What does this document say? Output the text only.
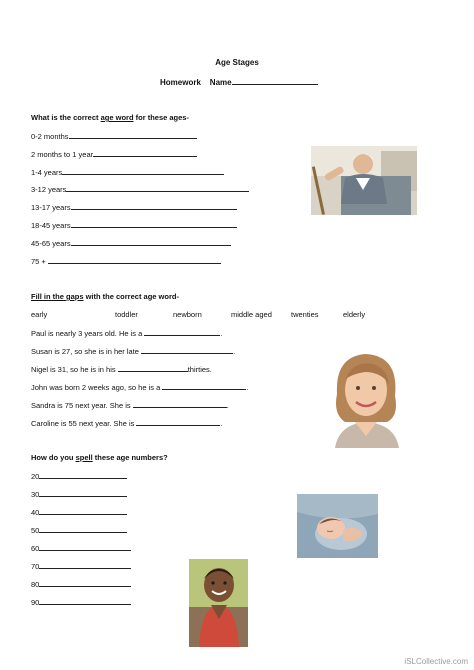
Age Stages
Homework Name
What is the correct age word for these ages-
0-2 months
2 months to 1 year
1-4 years
3-12 years
13-17 years
18-45 years
45-65 years
75 +
Fill in the gaps with the correct age word-
early	toddler	newborn	middle aged	twenties	elderly
Paul is nearly 3 years old. He is a	.
Susan is 27, so she is in her late	.
Nigel is 31, so he is in his	thirties.
John was born 2 weeks ago, so he is a	.
Sandra is 75 next year. She is	.
Caroline is 55 next year. She is	.
How do you spell these age numbers?
20
30
40
50
60
70
80
90
iSLCollective.com
